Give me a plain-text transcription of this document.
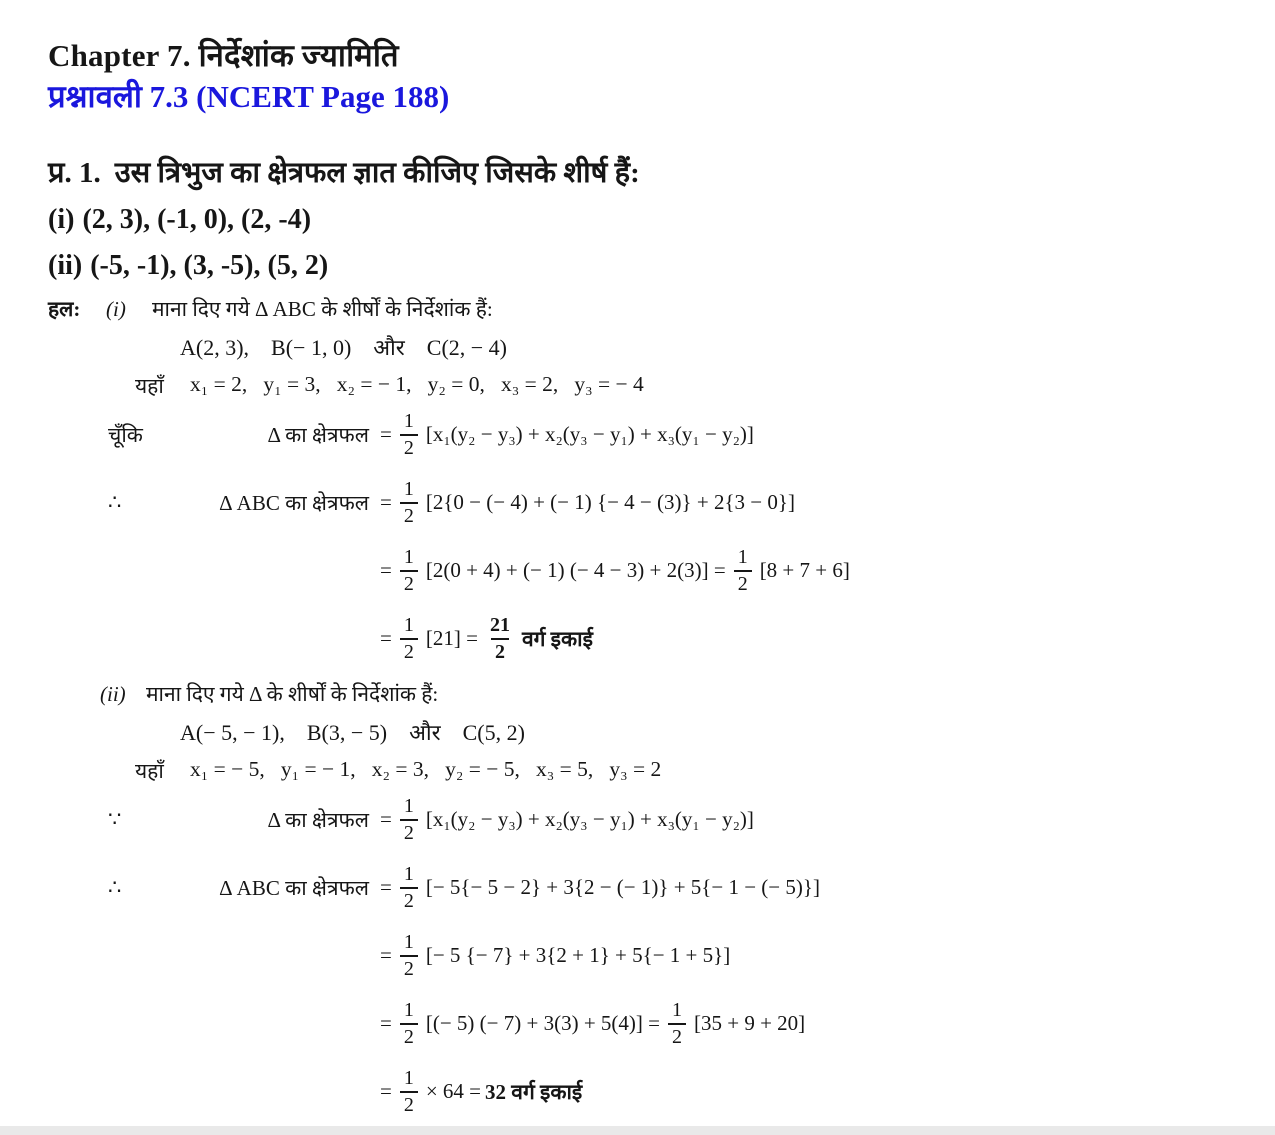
Chapter 7. निर्देशांक ज्यामिति
प्रश्नावली 7.3 (NCERT Page 188)
प्र. 1. उस त्रिभुज का क्षेत्रफल ज्ञात कीजिए जिसके शीर्ष हैं:
(i) (2, 3), (-1, 0), (2, -4)
(ii) (-5, -1), (3, -5), (5, 2)
हल:	(i)	माना दिए गये Δ ABC के शीर्षों के निर्देशांक हैं:
A(2, 3),    B(− 1, 0)    और    C(2, − 4)
यहाँ	x₁ = 2,   y₁ = 3,   x₂ = − 1,   y₂ = 0,   x₃ = 2,   y₃ = − 4
चूँकि	Δ का क्षेत्रफल = $\frac{1}{2} [x_1(y_2 - y_3) + x_2(y_3 - y_1) + x_3(y_1 - y_2)]$
∴	Δ ABC का क्षेत्रफल = $\frac{1}{2} [2\{0$ − (− 4) + (− 1) {− 4 − (3)} + 2{3 − 0}]
= $\frac{1}{2} [2(0 + 4)$ + (− 1) (− $4 - 3) + 2(3)] = \frac{1}{2} [8 + 7 + 6]$
= $\frac{1}{2} [21] = \frac{21}{2}$ वर्ग इकाई
(ii) माना दिए गये Δ के शीर्षों के निर्देशांक हैं:
A(− 5, − 1),    B(3, − 5)    और    C(5, 2)
यहाँ	x₁ = − 5,   y₁ = − 1,   x₂ = 3,   y₂ = − 5,   x₃ = 5,   y₃ = 2
∵	Δ का क्षेत्रफल = $\frac{1}{2} [x_1(y_2 - y_3) + x_2(y_3 - y_1) + x_3(y_1 - y_2)]$
∴	Δ ABC का क्षेत्रफल = $\frac{1}{2}$ [− 5{− 5 − 2} + 3{2 − (− 1)} + 5{− 1 − (− 5)}]
= $\frac{1}{2}$ [− 5 {− 7} + 3{2 + 1} + 5{− 1 + 5}]
= $\frac{1}{2}$ [(− 5) (− $7) + 3(3) + 5(4)] = \frac{1}{2} [35 + 9 + 20]$
= $\frac{1}{2} \times 64 = 32$ वर्ग इकाई
